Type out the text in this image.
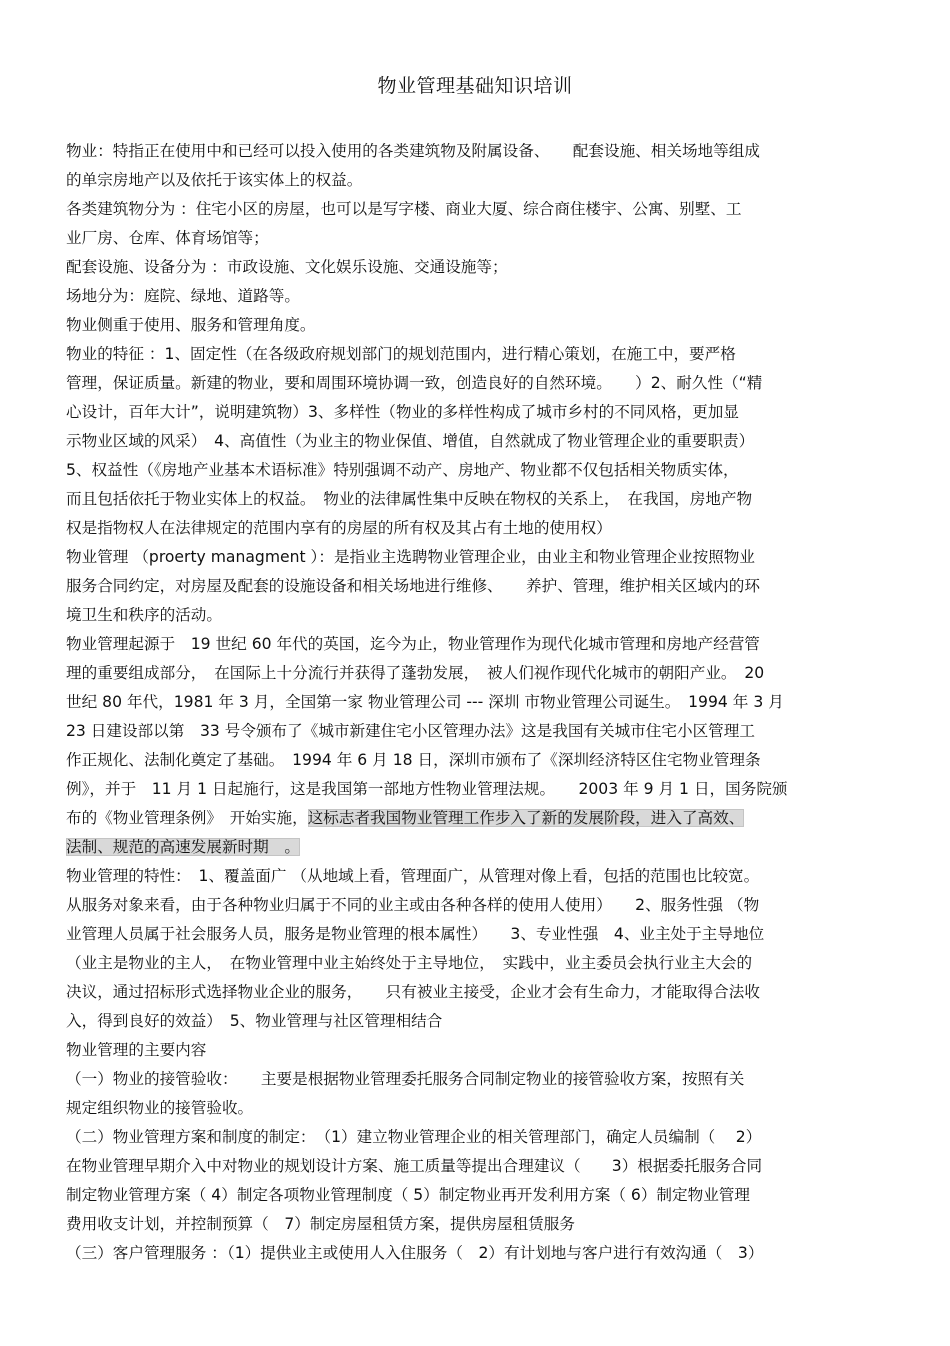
物业管理基础知识培训
物业：特指正在使用中和已经可以投入使用的各类建筑物及附属设备、　　配套设施、相关场地等组成
的单宗房地产以及依托于该实体上的权益。
各类建筑物分为 ：住宅小区的房屋，也可以是写字楼、商业大厦、综合商住楼宇、公寓、别墅、工
业厂房、仓库、体育场馆等；
配套设施、设备分为 ：市政设施、文化娱乐设施、交通设施等；
场地分为：庭院、绿地、道路等。
物业侧重于使用、服务和管理角度。
物业的特征 ：1、固定性（在各级政府规划部门的规划范围内，进行精心策划，在施工中，要严格
管理，保证质量。新建的物业，要和周围环境协调一致，创造良好的自然环境。　　）2、耐久性（“精
心设计，百年大计”，说明建筑物）3、多样性（物业的多样性构成了城市乡村的不同风格，更加显
示物业区域的风采）　4、高值性（为业主的物业保值、增值，自然就成了物业管理企业的重要职责）
5、权益性（《房地产业基本术语标准》特别强调不动产、房地产、物业都不仅包括相关物质实体，
而且包括依托于物业实体上的权益。　物业的法律属性集中反映在物权的关系上，　在我国，房地产物
权是指物权人在法律规定的范围内享有的房屋的所有权及其占有土地的使用权）
物业管理 （proerty managment ）：是指业主选聘物业管理企业，由业主和物业管理企业按照物业
服务合同约定，对房屋及配套的设施设备和相关场地进行维修、　　养护、管理，维护相关区域内的环
境卫生和秩序的活动。
物业管理起源于　19 世纪 60 年代的英国，迄今为止，物业管理作为现代化城市管理和房地产经营管
理的重要组成部分，　在国际上十分流行并获得了蓬勃发展，　被人们视作现代化城市的朝阳产业。　20
世纪 80 年代，1981 年 3 月，全国第一家 物业管理公司 --- 深圳 市物业管理公司诞生。　1994 年 3 月
23 日建设部以第　33 号令颁布了《城市新建住宅小区管理办法》这是我国有关城市住宅小区管理工
作正规化、法制化奠定了基础。　1994 年 6 月 18 日，深圳市颁布了《深圳经济特区住宅物业管理条
例》，并于　11 月 1 日起施行，这是我国第一部地方性物业管理法规。　　2003 年 9 月 1 日，国务院颁
布的《物业管理条例》　开始实施，这标志者我国物业管理工作步入了新的发展阶段，进入了高效、
法制、规范的高速发展新时期　。
物业管理的特性：　1、覆盖面广 （从地域上看，管理面广，从管理对像上看，包括的范围也比较宽。
从服务对象来看，由于各种物业归属于不同的业主或由各种各样的使用人使用）　　2、服务性强 （物
业管理人员属于社会服务人员，服务是物业管理的根本属性）　　3、专业性强　4、业主处于主导地位
（业主是物业的主人，　在物业管理中业主始终处于主导地位，　实践中，业主委员会执行业主大会的
决议，通过招标形式选择物业企业的服务，　　只有被业主接受，企业才会有生命力，才能取得合法收
入，得到良好的效益）　5、物业管理与社区管理相结合
物业管理的主要内容
（一）物业的接管验收：　　主要是根据物业管理委托服务合同制定物业的接管验收方案，按照有关
规定组织物业的接管验收。
（二）物业管理方案和制度的制定：　（1）建立物业管理企业的相关管理部门，确定人员编制（　 2）
在物业管理早期介入中对物业的规划设计方案、施工质量等提出合理建议（　　3）根据委托服务合同
制定物业管理方案（ 4）制定各项物业管理制度（ 5）制定物业再开发利用方案（ 6）制定物业管理
费用收支计划，并控制预算（　7）制定房屋租赁方案，提供房屋租赁服务
（三）客户管理服务 ：（1）提供业主或使用人入住服务（　2）有计划地与客户进行有效沟通（　3）
